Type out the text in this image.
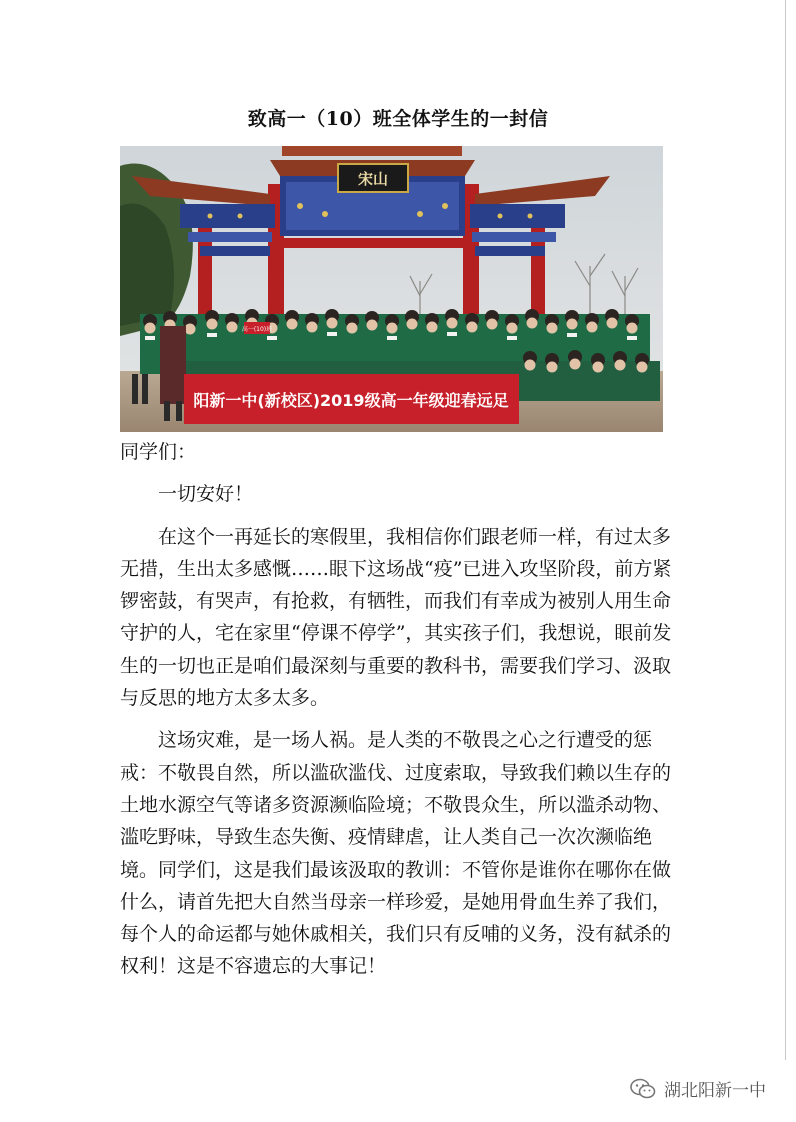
致高一（10）班全体学生的一封信
宋山
高一(10)班
阳新一中(新校区)2019级高一年级迎春远足

同学们：

一切安好！

在这个一再延长的寒假里，我相信你们跟老师一样，有过太多无措，生出太多感慨……眼下这场战“疫”已进入攻坚阶段，前方紧锣密鼓，有哭声，有抢救，有牺牲，而我们有幸成为被别人用生命守护的人，宅在家里“停课不停学”，其实孩子们，我想说，眼前发生的一切也正是咱们最深刻与重要的教科书，需要我们学习、汲取与反思的地方太多太多。

这场灾难，是一场人祸。是人类的不敬畏之心之行遭受的惩戒：不敬畏自然，所以滥砍滥伐、过度索取，导致我们赖以生存的土地水源空气等诸多资源濒临险境；不敬畏众生，所以滥杀动物、滥吃野味，导致生态失衡、疫情肆虐，让人类自己一次次濒临绝境。同学们，这是我们最该汲取的教训：不管你是谁你在哪你在做什么，请首先把大自然当母亲一样珍爱，是她用骨血生养了我们，每个人的命运都与她休戚相关，我们只有反哺的义务，没有弑杀的权利！这是不容遗忘的大事记！

湖北阳新一中
